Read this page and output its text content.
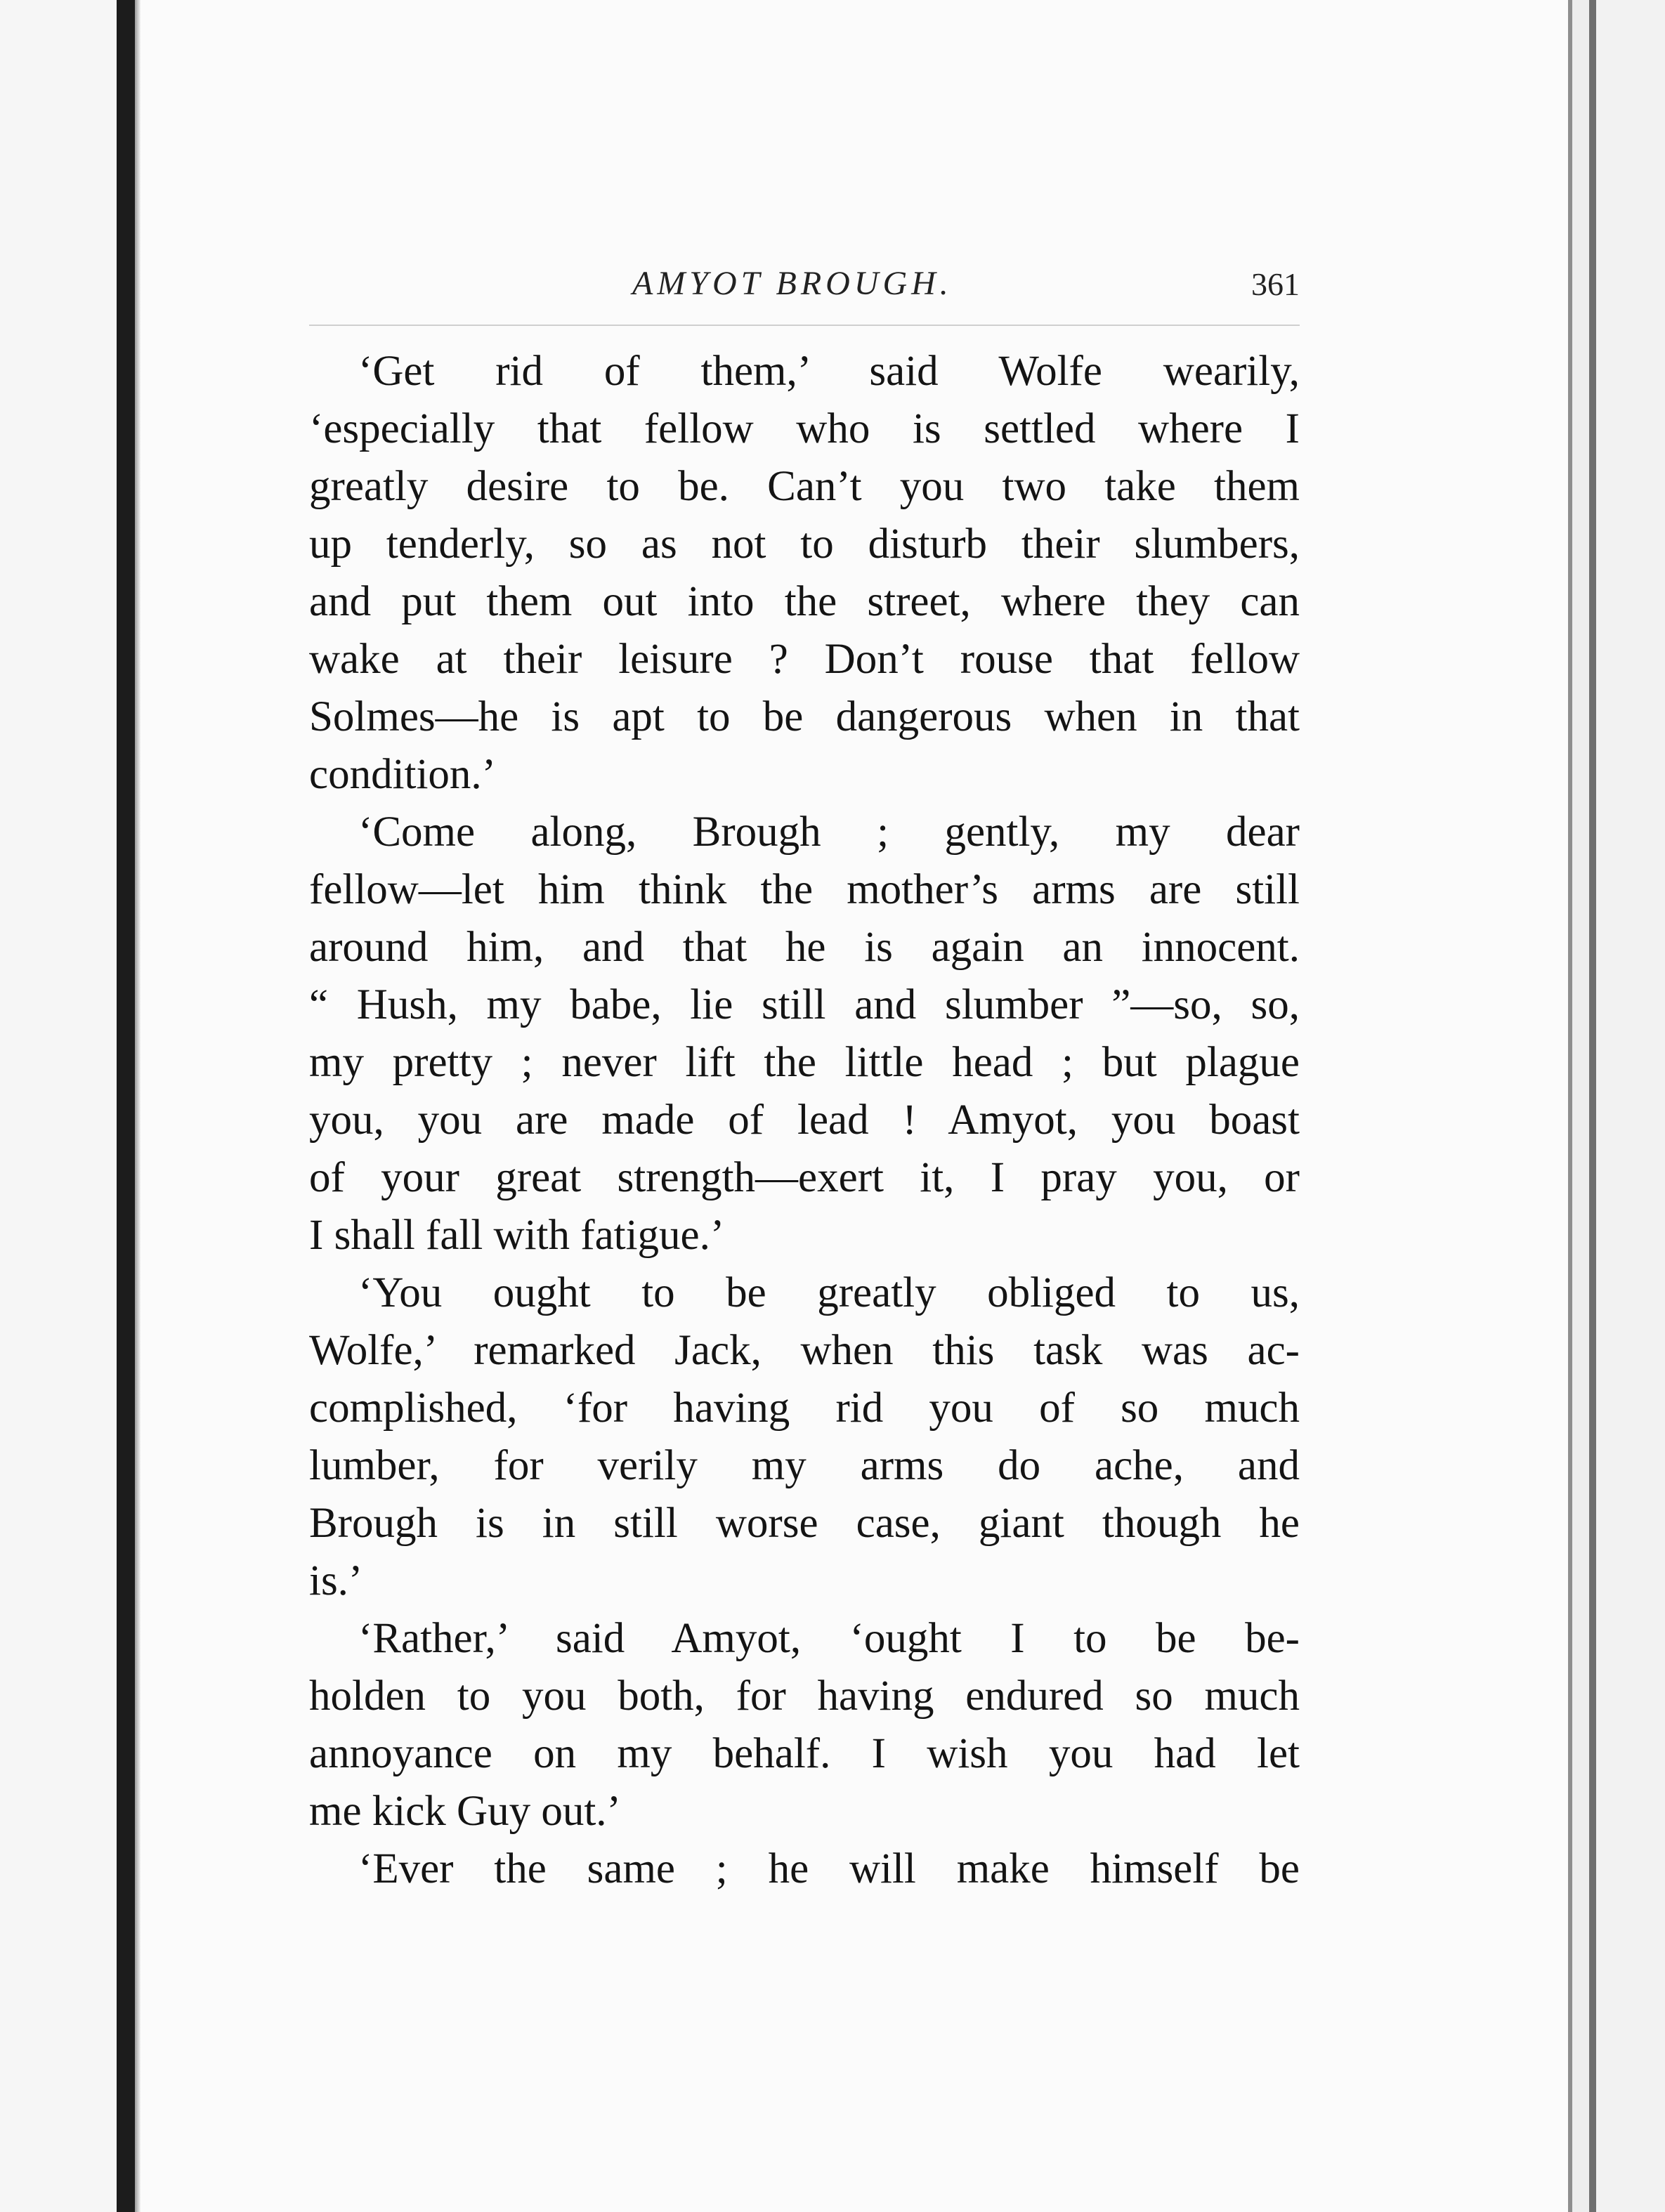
AMYOT BROUGH.	361
‘Get rid of them,’ said Wolfe wearily,
‘especially that fellow who is settled where I
greatly desire to be. Can’t you two take them
up tenderly, so as not to disturb their slumbers,
and put them out into the street, where they can
wake at their leisure ? Don’t rouse that fellow
Solmes—he is apt to be dangerous when in that
condition.’
‘Come along, Brough ; gently, my dear
fellow—let him think the mother’s arms are still
around him, and that he is again an innocent.
“ Hush, my babe, lie still and slumber ”—so, so,
my pretty ; never lift the little head ; but plague
you, you are made of lead ! Amyot, you boast
of your great strength—exert it, I pray you, or
I shall fall with fatigue.’
‘You ought to be greatly obliged to us,
Wolfe,’ remarked Jack, when this task was ac-
complished, ‘for having rid you of so much
lumber, for verily my arms do ache, and
Brough is in still worse case, giant though he
is.’
‘Rather,’ said Amyot, ‘ought I to be be-
holden to you both, for having endured so much
annoyance on my behalf. I wish you had let
me kick Guy out.’
‘Ever the same ; he will make himself be
